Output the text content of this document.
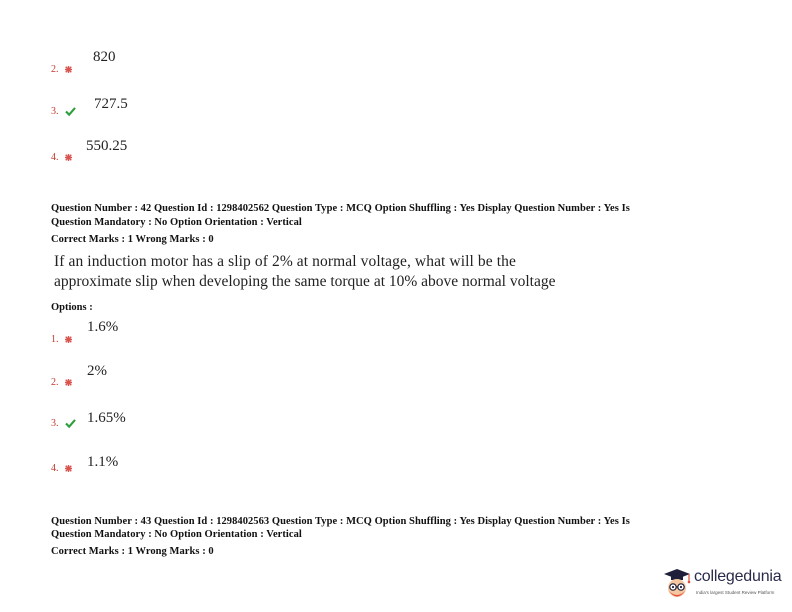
2.
820
3.	727.5
4.
550.25
Question Number : 42 Question Id : 1298402562 Question Type : MCQ Option Shuffling : Yes Display Question Number : Yes Is
Question Mandatory : No Option Orientation : Vertical
Correct Marks : 1 Wrong Marks : 0
If an induction motor has a slip of 2% at normal voltage, what will be the
approximate slip when developing the same torque at 10% above normal voltage
Options :
1.
1.6%
2.
2%
3.	1.65%
4.	1.1%
Question Number : 43 Question Id : 1298402563 Question Type : MCQ Option Shuffling : Yes Display Question Number : Yes Is
Question Mandatory : No Option Orientation : Vertical
Correct Marks : 1 Wrong Marks : 0
collegedunia
India's largest Student Review Platform
